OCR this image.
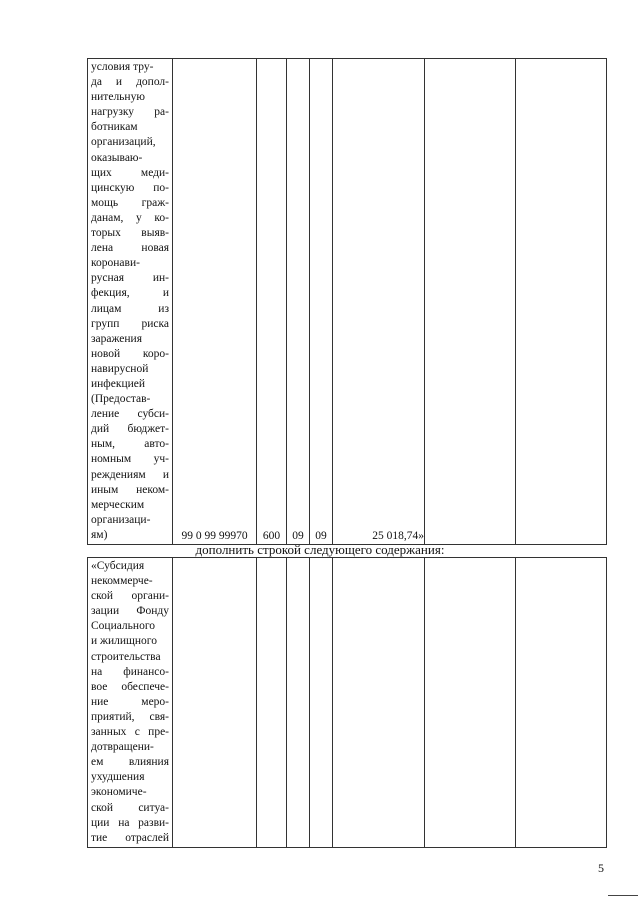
условия тру-
да и допол-
нительную
нагрузку ра-
ботникам
организаций,
оказываю-
щих меди-
цинскую по-
мощь граж-
данам, у ко-
торых выяв-
лена новая
коронави-
русная ин-
фекция, и
лицам из
групп риска
заражения
новой коро-
навирусной
инфекцией
(Предостав-
ление субси-
дий бюджет-
ным, авто-
номным уч-
реждениям и
иным неком-
мерческим
организаци-
ям)	99 0 99 99970	600	09	09	25 018,74»		
дополнить строкой следующего содержания:
«Субсидия
некоммерче-
ской органи-
зации Фонду
Социального
и жилищного
строительства
на финансо-
вое обеспече-
ние меро-
приятий, свя-
занных с пре-
дотвращени-
ем влияния
ухудшения
экономиче-
ской ситуа-
ции на разви-
тие отраслей

5
